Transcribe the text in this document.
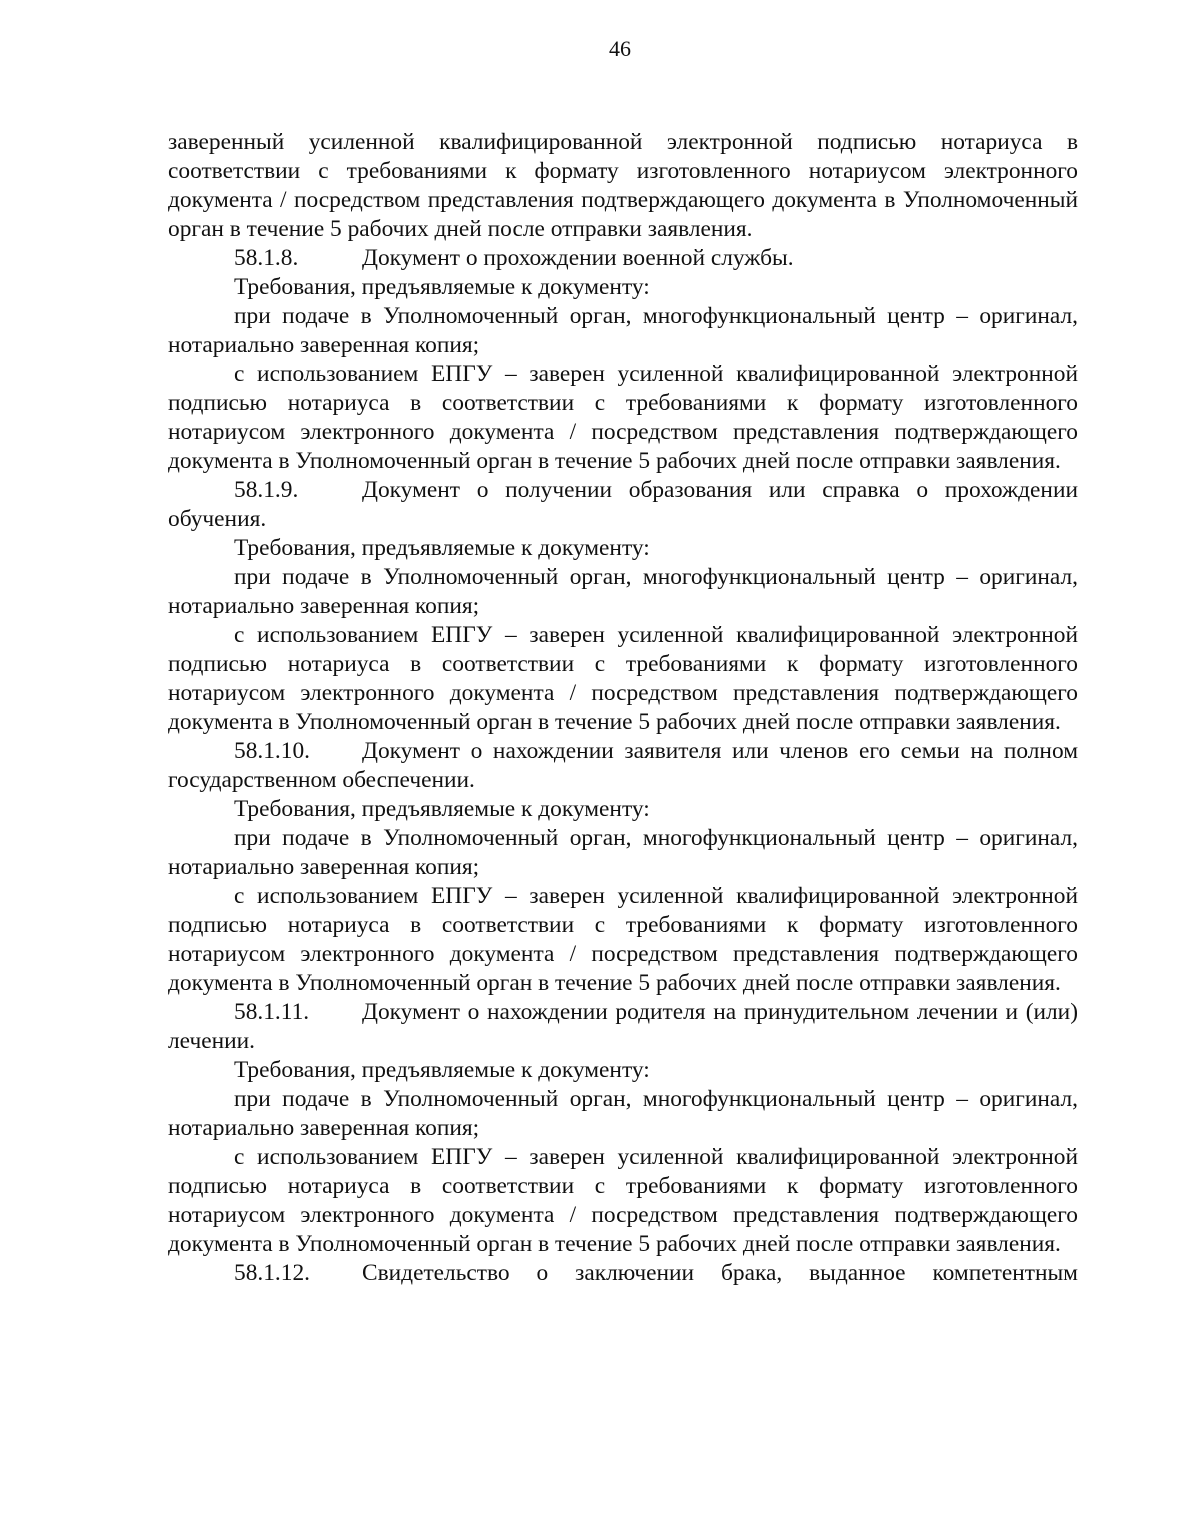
46

заверенный усиленной квалифицированной электронной подписью нотариуса в соответствии с требованиями к формату изготовленного нотариусом электронного документа / посредством представления подтверждающего документа в Уполномоченный орган в течение 5 рабочих дней после отправки заявления.

58.1.8.	Документ о прохождении военной службы.

Требования, предъявляемые к документу:

при подаче в Уполномоченный орган, многофункциональный центр – оригинал, нотариально заверенная копия;

с использованием ЕПГУ – заверен усиленной квалифицированной электронной подписью нотариуса в соответствии с требованиями к формату изготовленного нотариусом электронного документа / посредством представления подтверждающего документа в Уполномоченный орган в течение 5 рабочих дней после отправки заявления.

58.1.9.	Документ о получении образования или справка о прохождении обучения.

Требования, предъявляемые к документу:

при подаче в Уполномоченный орган, многофункциональный центр – оригинал, нотариально заверенная копия;

с использованием ЕПГУ – заверен усиленной квалифицированной электронной подписью нотариуса в соответствии с требованиями к формату изготовленного нотариусом электронного документа / посредством представления подтверждающего документа в Уполномоченный орган в течение 5 рабочих дней после отправки заявления.

58.1.10. Документ о нахождении заявителя или членов его семьи на полном государственном обеспечении.

Требования, предъявляемые к документу:

при подаче в Уполномоченный орган, многофункциональный центр – оригинал, нотариально заверенная копия;

с использованием ЕПГУ – заверен усиленной квалифицированной электронной подписью нотариуса в соответствии с требованиями к формату изготовленного нотариусом электронного документа / посредством представления подтверждающего документа в Уполномоченный орган в течение 5 рабочих дней после отправки заявления.

58.1.11. Документ о нахождении родителя на принудительном лечении и (или) лечении.

Требования, предъявляемые к документу:

при подаче в Уполномоченный орган, многофункциональный центр – оригинал, нотариально заверенная копия;

с использованием ЕПГУ – заверен усиленной квалифицированной электронной подписью нотариуса в соответствии с требованиями к формату изготовленного нотариусом электронного документа / посредством представления подтверждающего документа в Уполномоченный орган в течение 5 рабочих дней после отправки заявления.

58.1.12. Свидетельство о заключении брака, выданное компетентным
